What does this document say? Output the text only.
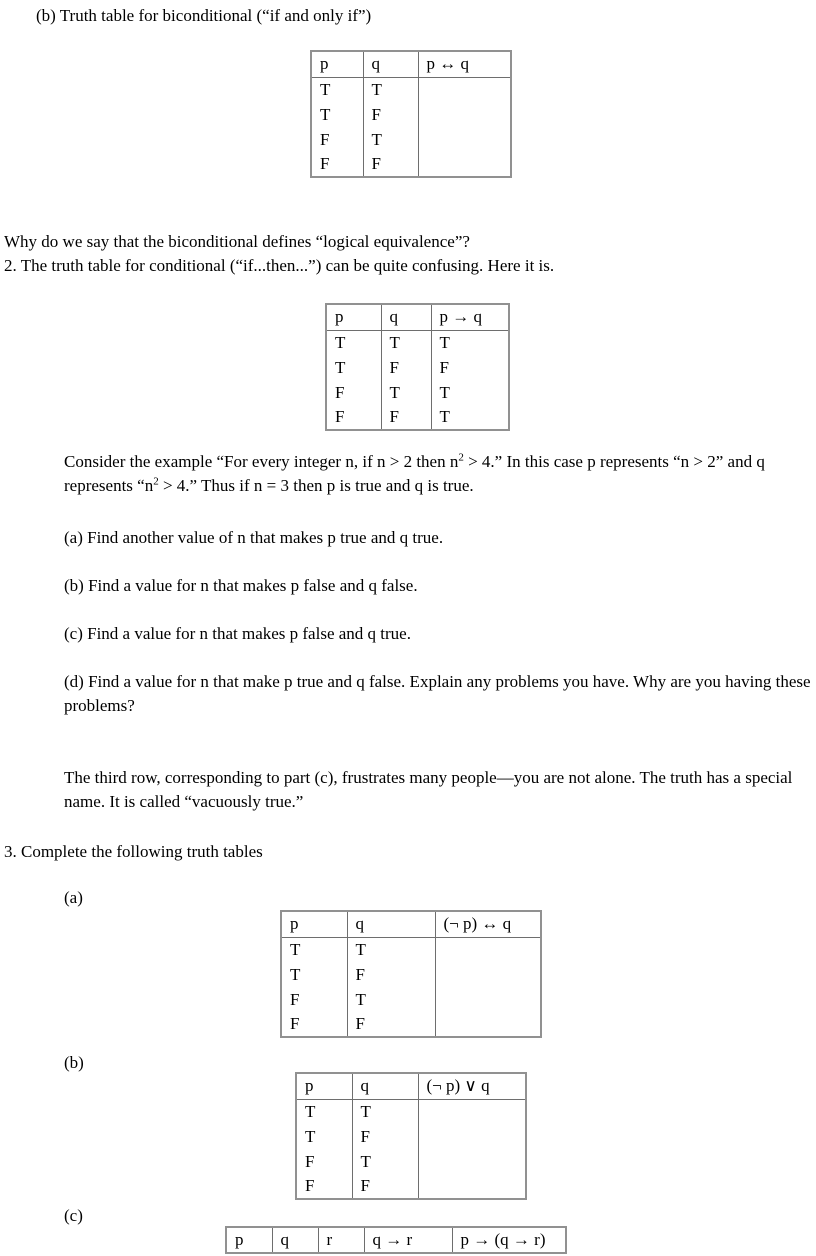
(b) Truth table for biconditional (“if and only if”)
p	q	p ↔ q
T	T	
T	F	
F	T	
F	F	
Why do we say that the biconditional defines “logical equivalence”?
2. The truth table for conditional (“if...then...”) can be quite confusing. Here it is.
p	q	p → q
T	T	T
T	F	F
F	T	T
F	F	T
Consider the example “For every integer n, if n > 2 then $n^2 > 4$.” In this case p represents “n > 2” and q represents “$n^2 > 4$.” Thus if n = 3 then p is true and q is true.
(a) Find another value of n that makes p true and q true.
(b) Find a value for n that makes p false and q false.
(c) Find a value for n that makes p false and q true.
(d) Find a value for n that make p true and q false. Explain any problems you have. Why are you having these problems?
The third row, corresponding to part (c), frustrates many people—you are not alone. The truth has a special name. It is called “vacuously true.”
3. Complete the following truth tables
(a)
p	q	(¬ p) ↔ q
T	T	
T	F	
F	T	
F	F	
(b)
p	q	(¬ p) ∨ q
T	T	
T	F	
F	T	
F	F	
(c)
p	q	r	q → r	p → (q → r)
